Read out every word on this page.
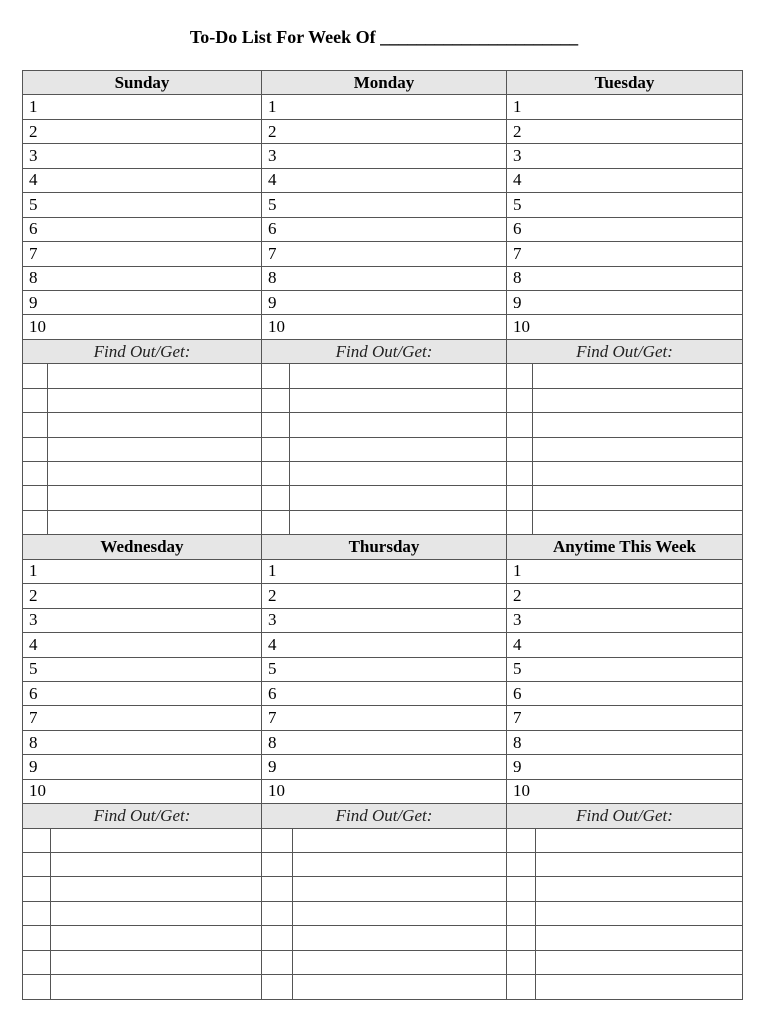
To-Do List For Week Of ______________________
Sunday	Monday	Tuesday
1	1	1
2	2	2
3	3	3
4	4	4
5	5	5
6	6	6
7	7	7
8	8	8
9	9	9
10	10	10
Find Out/Get:	Find Out/Get:	Find Out/Get:

Wednesday	Thursday	Anytime This Week
1	1	1
2	2	2
3	3	3
4	4	4
5	5	5
6	6	6
7	7	7
8	8	8
9	9	9
10	10	10
Find Out/Get:	Find Out/Get:	Find Out/Get:
